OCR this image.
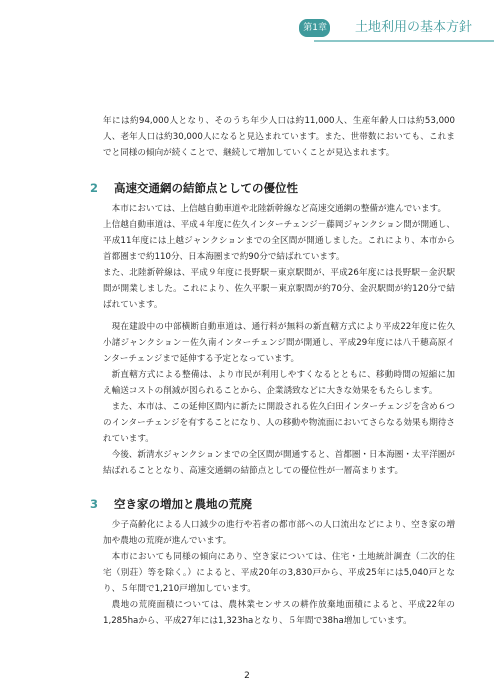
第1章 土地利用の基本方針

年には約94,000人となり、そのうち年少人口は約11,000人、生産年齢人口は約53,000人、老年人口は約30,000人になると見込まれています。また、世帯数においても、これまでと同様の傾向が続くことで、継続して増加していくことが見込まれます。

2 高速交通網の結節点としての優位性

本市においては、上信越自動車道や北陸新幹線など高速交通網の整備が進んでいます。

上信越自動車道は、平成４年度に佐久インターチェンジ－藤岡ジャンクション間が開通し、平成11年度には上越ジャンクションまでの全区間が開通しました。これにより、本市から首都圏まで約110分、日本海圏まで約90分で結ばれています。

また、北陸新幹線は、平成９年度に長野駅－東京駅間が、平成26年度には長野駅－金沢駅間が開業しました。これにより、佐久平駅－東京駅間が約70分、金沢駅間が約120分で結ばれています。

現在建設中の中部横断自動車道は、通行料が無料の新直轄方式により平成22年度に佐久小諸ジャンクション－佐久南インターチェンジ間が開通し、平成29年度には八千穂高原インターチェンジまで延伸する予定となっています。

新直轄方式による整備は、より市民が利用しやすくなるとともに、移動時間の短縮に加え輸送コストの削減が図られることから、企業誘致などに大きな効果をもたらします。

また、本市は、この延伸区間内に新たに開設される佐久臼田インターチェンジを含め６つのインターチェンジを有することになり、人の移動や物流面においてさらなる効果も期待されています。

今後、新清水ジャンクションまでの全区間が開通すると、首都圏・日本海圏・太平洋圏が結ばれることとなり、高速交通網の結節点としての優位性が一層高まります。

3 空き家の増加と農地の荒廃

少子高齢化による人口減少の進行や若者の都市部への人口流出などにより、空き家の増加や農地の荒廃が進んでいます。

本市においても同様の傾向にあり、空き家については、住宅・土地統計調査（二次的住宅（別荘）等を除く。）によると、平成20年の3,830戸から、平成25年には5,040戸となり、５年間で1,210戸増加しています。

農地の荒廃面積については、農林業センサスの耕作放棄地面積によると、平成22年の1,285haから、平成27年には1,323haとなり、５年間で38ha増加しています。

2
